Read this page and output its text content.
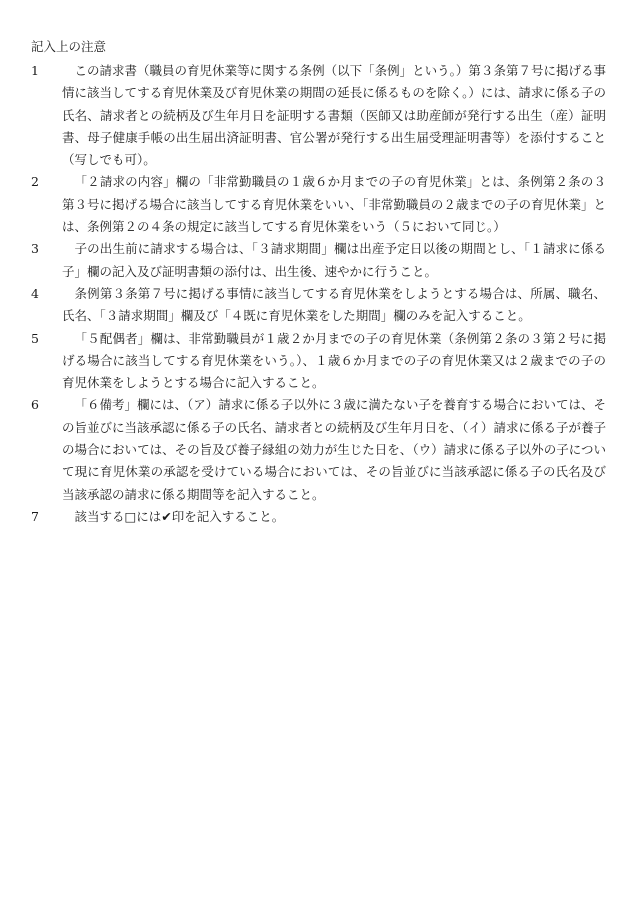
記入上の注意
1	この請求書（職員の育児休業等に関する条例（以下「条例」という。）第３条第７号に掲げる事情に該当してする育児休業及び育児休業の期間の延長に係るものを除く。）には、請求に係る子の氏名、請求者との続柄及び生年月日を証明する書類（医師又は助産師が発行する出生（産）証明書、母子健康手帳の出生届出済証明書、官公署が発行する出生届受理証明書等）を添付すること（写しでも可）。
2	「２請求の内容」欄の「非常勤職員の１歳６か月までの子の育児休業」とは、条例第２条の３第３号に掲げる場合に該当してする育児休業をいい、「非常勤職員の２歳までの子の育児休業」とは、条例第２の４条の規定に該当してする育児休業をいう（５において同じ。）
3	子の出生前に請求する場合は、「３請求期間」欄は出産予定日以後の期間とし、「１請求に係る子」欄の記入及び証明書類の添付は、出生後、速やかに行うこと。
4	条例第３条第７号に掲げる事情に該当してする育児休業をしようとする場合は、所属、職名、氏名、「３請求期間」欄及び「４既に育児休業をした期間」欄のみを記入すること。
5	「５配偶者」欄は、非常勤職員が１歳２か月までの子の育児休業（条例第２条の３第２号に掲げる場合に該当してする育児休業をいう。）、１歳６か月までの子の育児休業又は２歳までの子の育児休業をしようとする場合に記入すること。
6	「６備考」欄には、（ア）請求に係る子以外に３歳に満たない子を養育する場合においては、その旨並びに当該承認に係る子の氏名、請求者との続柄及び生年月日を、（イ）請求に係る子が養子の場合においては、その旨及び養子縁組の効力が生じた日を、（ウ）請求に係る子以外の子について現に育児休業の承認を受けている場合においては、その旨並びに当該承認に係る子の氏名及び当該承認の請求に係る期間等を記入すること。
7	該当する□には✔印を記入すること。
